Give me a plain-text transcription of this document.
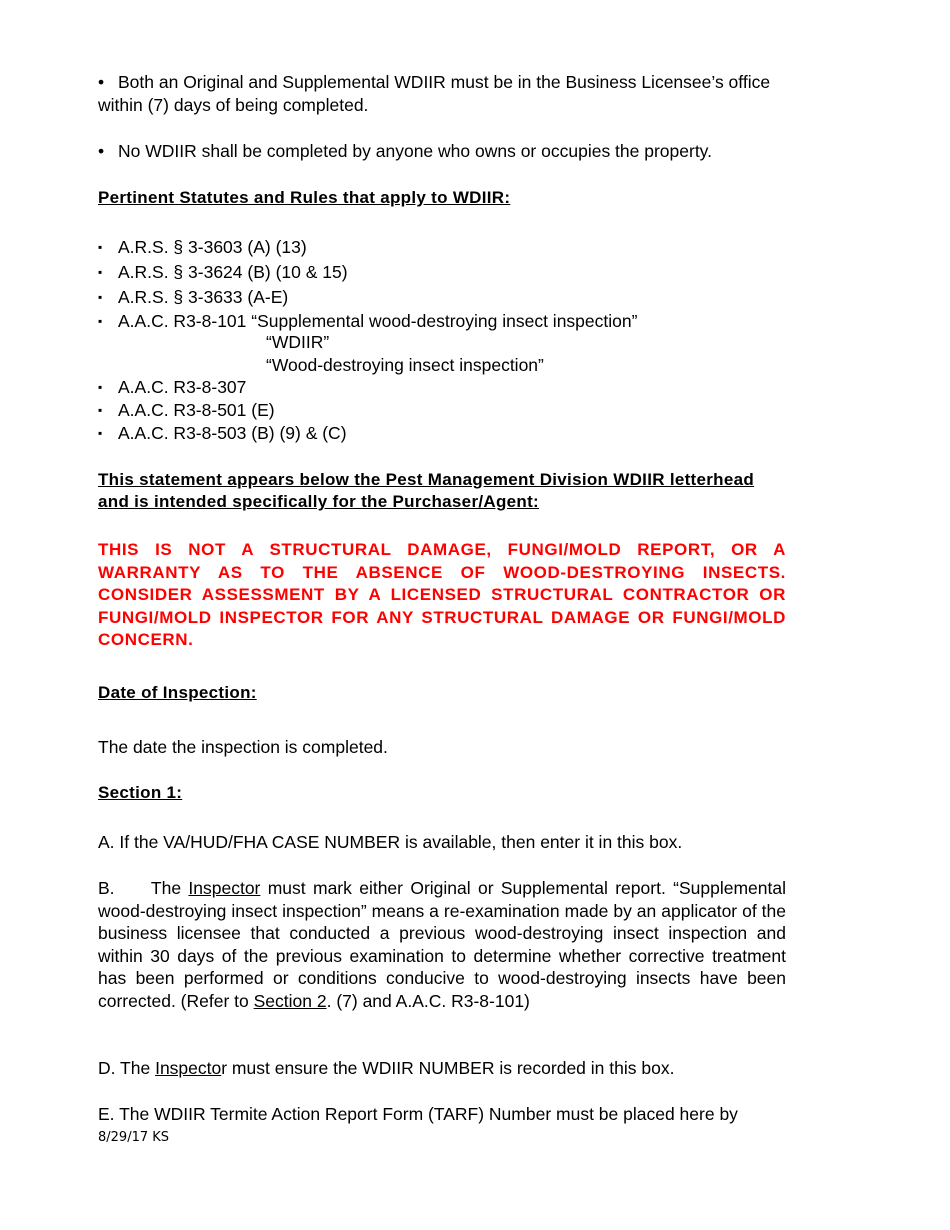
• Both an Original and Supplemental WDIIR must be in the Business Licensee’s office within (7) days of being completed.
• No WDIIR shall be completed by anyone who owns or occupies the property.
Pertinent Statutes and Rules that apply to WDIIR:
▪ A.R.S. § 3-3603 (A) (13)
▪ A.R.S. § 3-3624 (B) (10 & 15)
▪ A.R.S. § 3-3633 (A-E)
▪ A.A.C. R3-8-101 “Supplemental wood-destroying insect inspection”
“WDIIR”
“Wood-destroying insect inspection”
▪ A.A.C. R3-8-307
▪ A.A.C. R3-8-501 (E)
▪ A.A.C. R3-8-503 (B) (9) & (C)
This statement appears below the Pest Management Division WDIIR letterhead and is intended specifically for the Purchaser/Agent:
THIS IS NOT A STRUCTURAL DAMAGE, FUNGI/MOLD REPORT, OR A WARRANTY AS TO THE ABSENCE OF WOOD-DESTROYING INSECTS. CONSIDER ASSESSMENT BY A LICENSED STRUCTURAL CONTRACTOR OR FUNGI/MOLD INSPECTOR FOR ANY STRUCTURAL DAMAGE OR FUNGI/MOLD CONCERN.
Date of Inspection:
The date the inspection is completed.
Section 1:
A. If the VA/HUD/FHA CASE NUMBER is available, then enter it in this box.
B.     The Inspector must mark either Original or Supplemental report. “Supplemental wood-destroying insect inspection” means a re-examination made by an applicator of the business licensee that conducted a previous wood-destroying insect inspection and within 30 days of the previous examination to determine whether corrective treatment has been performed or conditions conducive to wood-destroying insects have been corrected. (Refer to Section 2. (7) and A.A.C. R3-8-101)
D. The Inspector must ensure the WDIIR NUMBER is recorded in this box.
E. The WDIIR Termite Action Report Form (TARF) Number must be placed here by
8/29/17 KS
